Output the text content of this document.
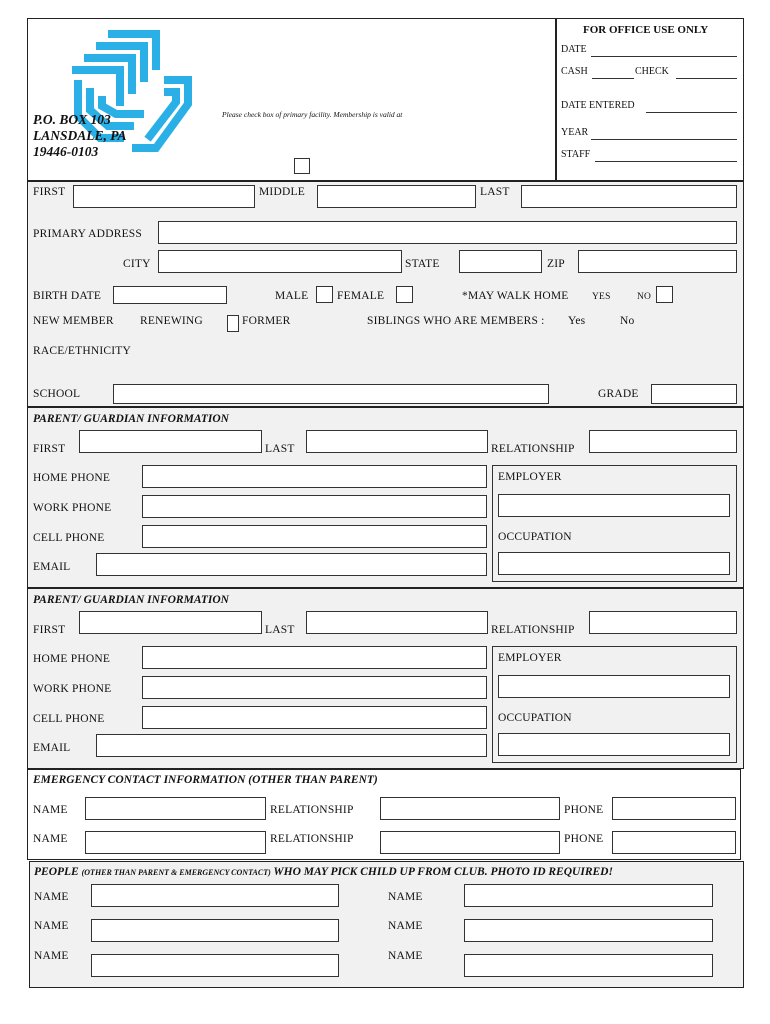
P.O. BOX 103
LANSDALE, PA
19446-0103
Please check box of primary facility. Membership is valid at
FOR OFFICE USE ONLY
DATE
CASH	CHECK
DATE ENTERED
YEAR
STAFF
FIRST	MIDDLE	LAST
PRIMARY ADDRESS
CITY	STATE	ZIP
BIRTH DATE	MALE FEMALE	*MAY WALK HOME YES	NO
NEW MEMBER RENEWING	FORMER	SIBLINGS WHO ARE MEMBERS : Yes	No
RACE/ETHNICITY
SCHOOL	GRADE
PARENT/ GUARDIAN INFORMATION
FIRST	LAST	RELATIONSHIP
HOME PHONE
WORK PHONE
CELL PHONE
EMAIL
EMPLOYER
OCCUPATION
PARENT/ GUARDIAN INFORMATION
FIRST	LAST	RELATIONSHIP
HOME PHONE
WORK PHONE
CELL PHONE
EMAIL
EMPLOYER
OCCUPATION
EMERGENCY CONTACT INFORMATION (OTHER THAN PARENT)
NAME	RELATIONSHIP	PHONE
NAME	RELATIONSHIP	PHONE
PEOPLE (OTHER THAN PARENT & EMERGENCY CONTACT) WHO MAY PICK CHILD UP FROM CLUB. PHOTO ID REQUIRED!
NAME	NAME
NAME	NAME
NAME	NAME
